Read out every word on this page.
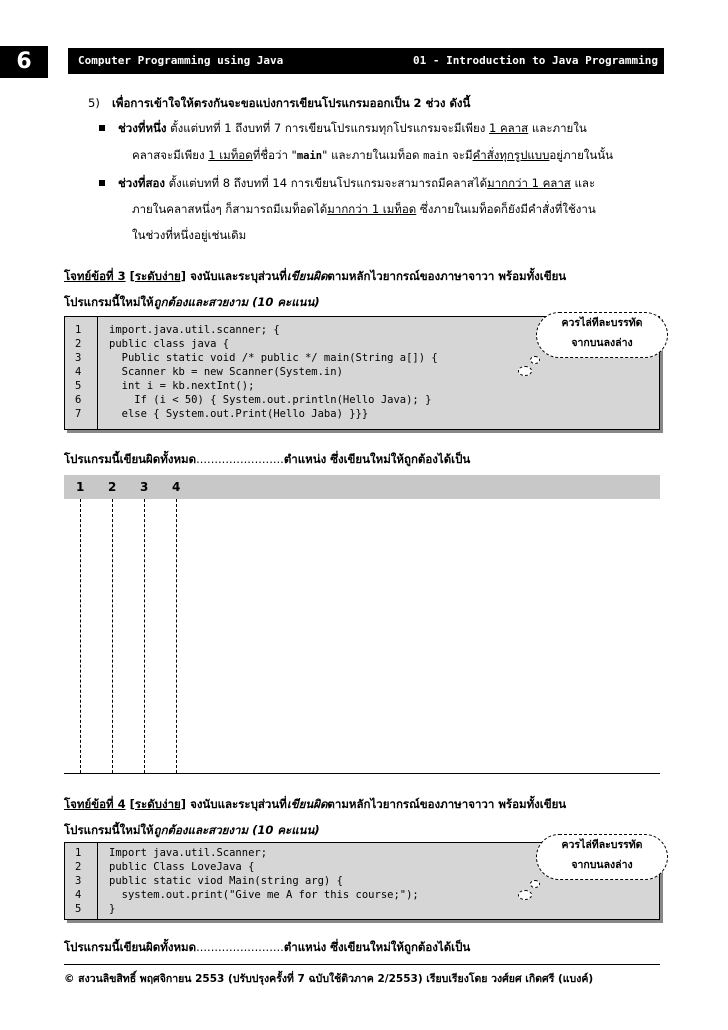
6	Computer Programming using Java	01 - Introduction to Java Programming
5) เพื่อการเข้าใจให้ตรงกันจะขอแบ่งการเขียนโปรแกรมออกเป็น 2 ช่วง ดังนี้
ช่วงที่หนึ่ง ตั้งแต่บทที่ 1 ถึงบทที่ 7 การเขียนโปรแกรมทุกโปรแกรมจะมีเพียง 1 คลาส และภายใน
คลาสจะมีเพียง 1 เมท็อดที่ชื่อว่า "main" และภายในเมท็อด main จะมีคำสั่งทุกรูปแบบอยู่ภายในนั้น
ช่วงที่สอง ตั้งแต่บทที่ 8 ถึงบทที่ 14 การเขียนโปรแกรมจะสามารถมีคลาสได้มากกว่า 1 คลาส และ
ภายในคลาสหนึ่งๆ ก็สามารถมีเมท็อดได้มากกว่า 1 เมท็อด ซึ่งภายในเมท็อดก็ยังมีคำสั่งที่ใช้งาน
ในช่วงที่หนึ่งอยู่เช่นเดิม
โจทย์ข้อที่ 3 [ระดับง่าย] จงนับและระบุส่วนที่เขียนผิดตามหลักไวยากรณ์ของภาษาจาวา พร้อมทั้งเขียน
โปรแกรมนี้ใหม่ให้ถูกต้องและสวยงาม (10 คะแนน)
1
2
3
4
5
6
7
import.java.util.scanner; {
public class java {
Public static void /* public */ main(String a[]) {
Scanner kb = new Scanner(System.in)
int i = kb.nextInt();
If (i < 50) { System.out.println(Hello Java); }
else { System.out.Print(Hello Jaba) }}}
ควรไล่ทีละบรรทัด
จากบนลงล่าง
โปรแกรมนี้เขียนผิดทั้งหมด........................ตำแหน่ง ซึ่งเขียนใหม่ให้ถูกต้องได้เป็น
1 2 3 4
โจทย์ข้อที่ 4 [ระดับง่าย] จงนับและระบุส่วนที่เขียนผิดตามหลักไวยากรณ์ของภาษาจาวา พร้อมทั้งเขียน
โปรแกรมนี้ใหม่ให้ถูกต้องและสวยงาม (10 คะแนน)
1
2
3
4
5
Import java.util.Scanner;
public Class LoveJava {
public static viod Main(string arg) {
system.out.print("Give me A for this course;");
}
ควรไล่ทีละบรรทัด
จากบนลงล่าง
โปรแกรมนี้เขียนผิดทั้งหมด........................ตำแหน่ง ซึ่งเขียนใหม่ให้ถูกต้องได้เป็น
© สงวนลิขสิทธิ์ พฤศจิกายน 2553 (ปรับปรุงครั้งที่ 7 ฉบับใช้ติวภาค 2/2553) เรียบเรียงโดย วงศ์ยศ เกิดศรี (แบงค์)
